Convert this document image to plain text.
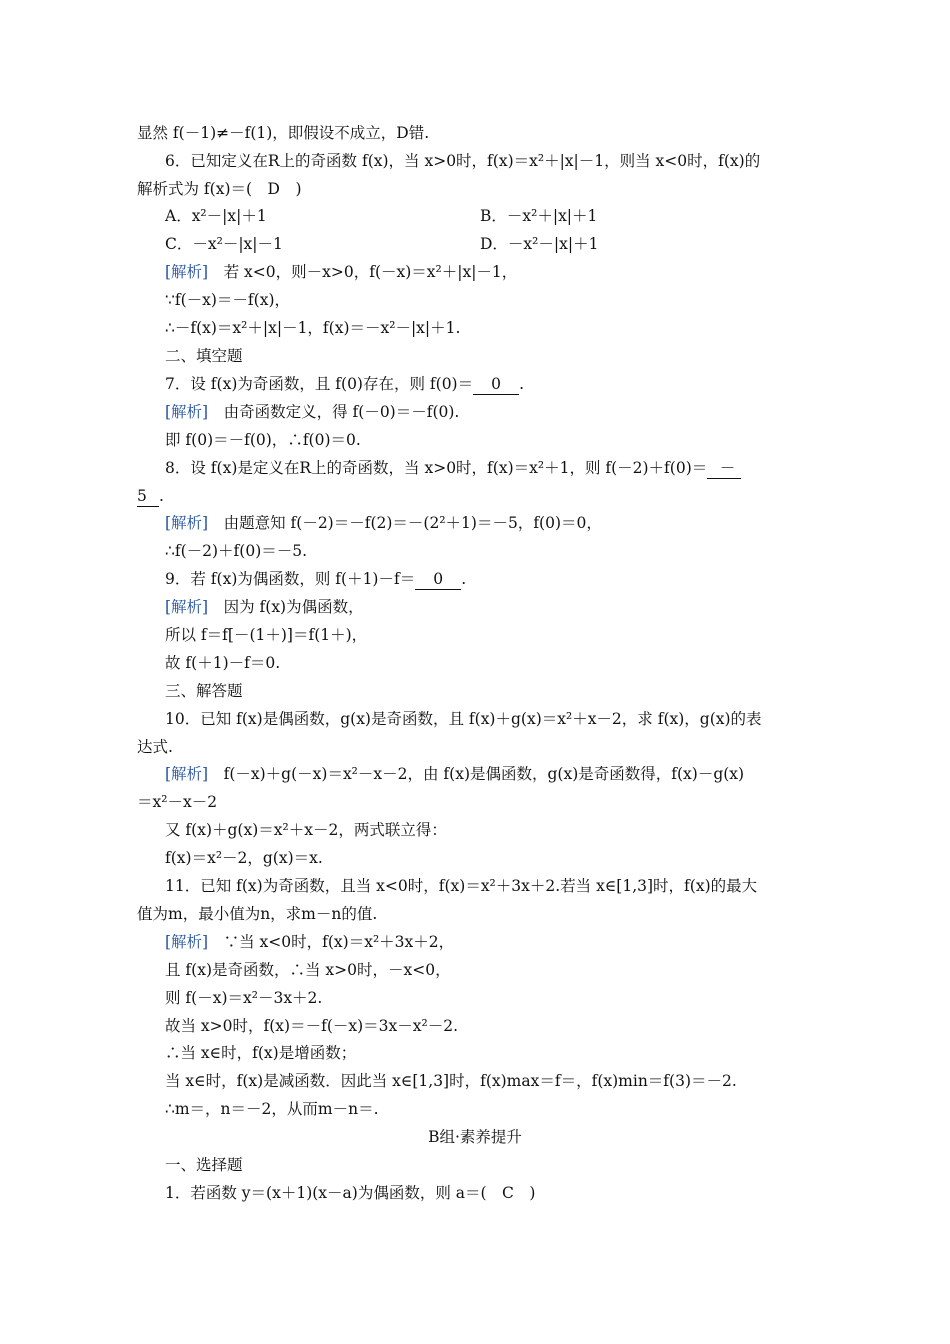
显然 f(－1)≠－f(1)，即假设不成立，D错.
6．已知定义在R上的奇函数 f(x)，当 x>0时，f(x)＝x²＋|x|－1，则当 x<0时，f(x)的
解析式为 f(x)＝(　D　)
A．x²－|x|＋1	B．－x²＋|x|＋1
C．－x²－|x|－1	D．－x²－|x|＋1
[解析]　若 x<0，则－x>0，f(－x)＝x²＋|x|－1，
∵f(－x)＝－f(x)，
∴－f(x)＝x²＋|x|－1，f(x)＝－x²－|x|＋1.
二、填空题
7．设 f(x)为奇函数，且 f(0)存在，则 f(0)＝ 0 .
[解析]　由奇函数定义，得 f(－0)＝－f(0).
即 f(0)＝－f(0)，∴f(0)＝0.
8．设 f(x)是定义在R上的奇函数，当 x>0时，f(x)＝x²＋1，则 f(－2)＋f(0)＝ －
5 .
[解析]　由题意知 f(－2)＝－f(2)＝－(2²＋1)＝－5，f(0)＝0，
∴f(－2)＋f(0)＝－5.
9．若 f(x)为偶函数，则 f(＋1)－f＝ 0 .
[解析]　因为 f(x)为偶函数，
所以 f＝f[－(1＋)]＝f(1＋)，
故 f(＋1)－f＝0.
三、解答题
10．已知 f(x)是偶函数，g(x)是奇函数，且 f(x)＋g(x)＝x²＋x－2，求 f(x)，g(x)的表
达式.
[解析]　f(－x)＋g(－x)＝x²－x－2，由 f(x)是偶函数，g(x)是奇函数得，f(x)－g(x)
＝x²－x－2
又 f(x)＋g(x)＝x²＋x－2，两式联立得：
f(x)＝x²－2，g(x)＝x.
11．已知 f(x)为奇函数，且当 x<0时，f(x)＝x²＋3x＋2.若当 x∈[1,3]时，f(x)的最大
值为m，最小值为n，求m－n的值.
[解析]　∵当 x<0时，f(x)＝x²＋3x＋2，
且 f(x)是奇函数，∴当 x>0时，－x<0，
则 f(－x)＝x²－3x＋2.
故当 x>0时，f(x)＝－f(－x)＝3x－x²－2.
∴当 x∈时，f(x)是增函数；
当 x∈时，f(x)是减函数．因此当 x∈[1,3]时，f(x)max＝f＝，f(x)min＝f(3)＝－2.
∴m＝，n＝－2，从而m－n＝.
B组·素养提升
一、选择题
1．若函数 y＝(x＋1)(x－a)为偶函数，则 a＝(　C　)
